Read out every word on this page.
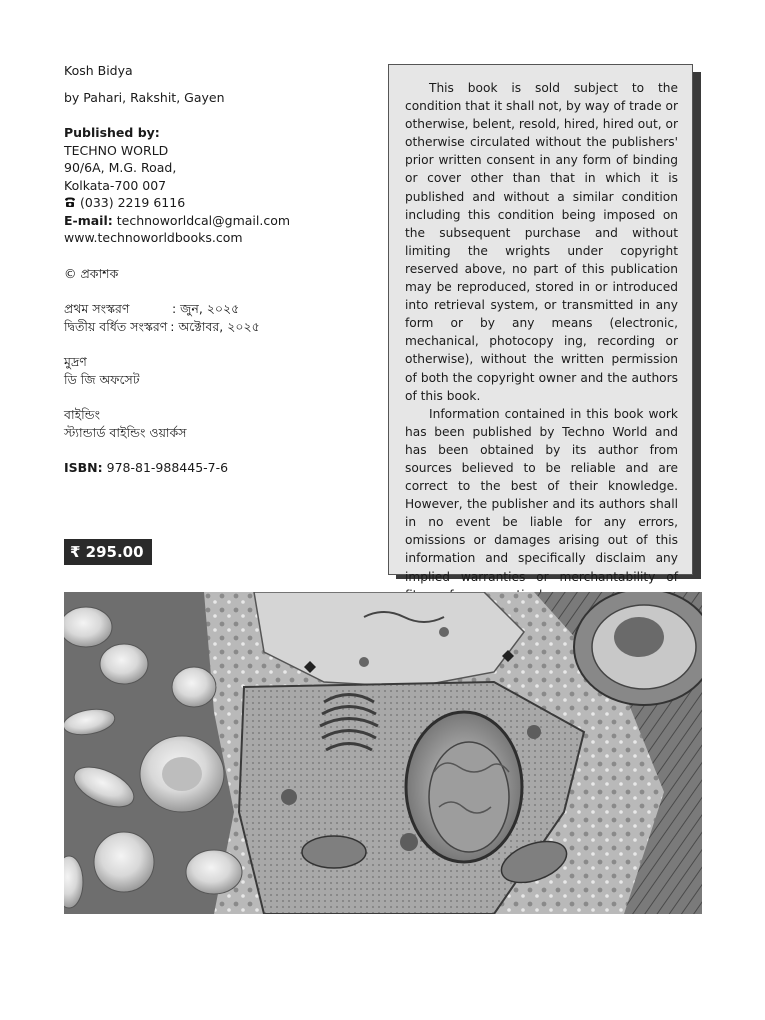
Kosh Bidya

by Pahari, Rakshit, Gayen

Published by:

TECHNO WORLD

90/6A, M.G. Road,

Kolkata-700 007

(033) 2219 6116

E-mail: technoworldcal@gmail.com

www.technoworldbooks.com

© প্রকাশক

প্রথম সংস্করণ	: জুন, ২০২৫
দ্বিতীয় বর্ধিত সংস্করণ : অক্টোবর, ২০২৫

মুদ্রণ

ডি জি অফসেট

বাইন্ডিং

স্ট্যান্ডার্ড বাইন্ডিং ওয়ার্কস

ISBN: 978-81-988445-7-6

₹ 295.00

This book is sold subject to the condition that it shall not, by way of trade or otherwise, belent, resold, hired, hired out, or otherwise circulated without the publishers' prior written consent in any form of binding or cover other than that in which it is published and without a similar condition including this condition being imposed on the subsequent purchase and without limiting the wrights under copyright reserved above, no part of this publication may be reproduced, stored in or introduced into retrieval system, or transmitted in any form or by any means (electronic, mechanical, photocopy ing, recording or otherwise), without the written permission of both the copyright owner and the authors of this book.

Information contained in this book work has been published by Techno World and has been obtained by its author from sources believed to be reliable and are correct to the best of their knowledge. However, the publisher and its authors shall in no event be liable for any errors, omissions or damages arising out of this information and specifically disclaim any implied warranties or merchantability of
